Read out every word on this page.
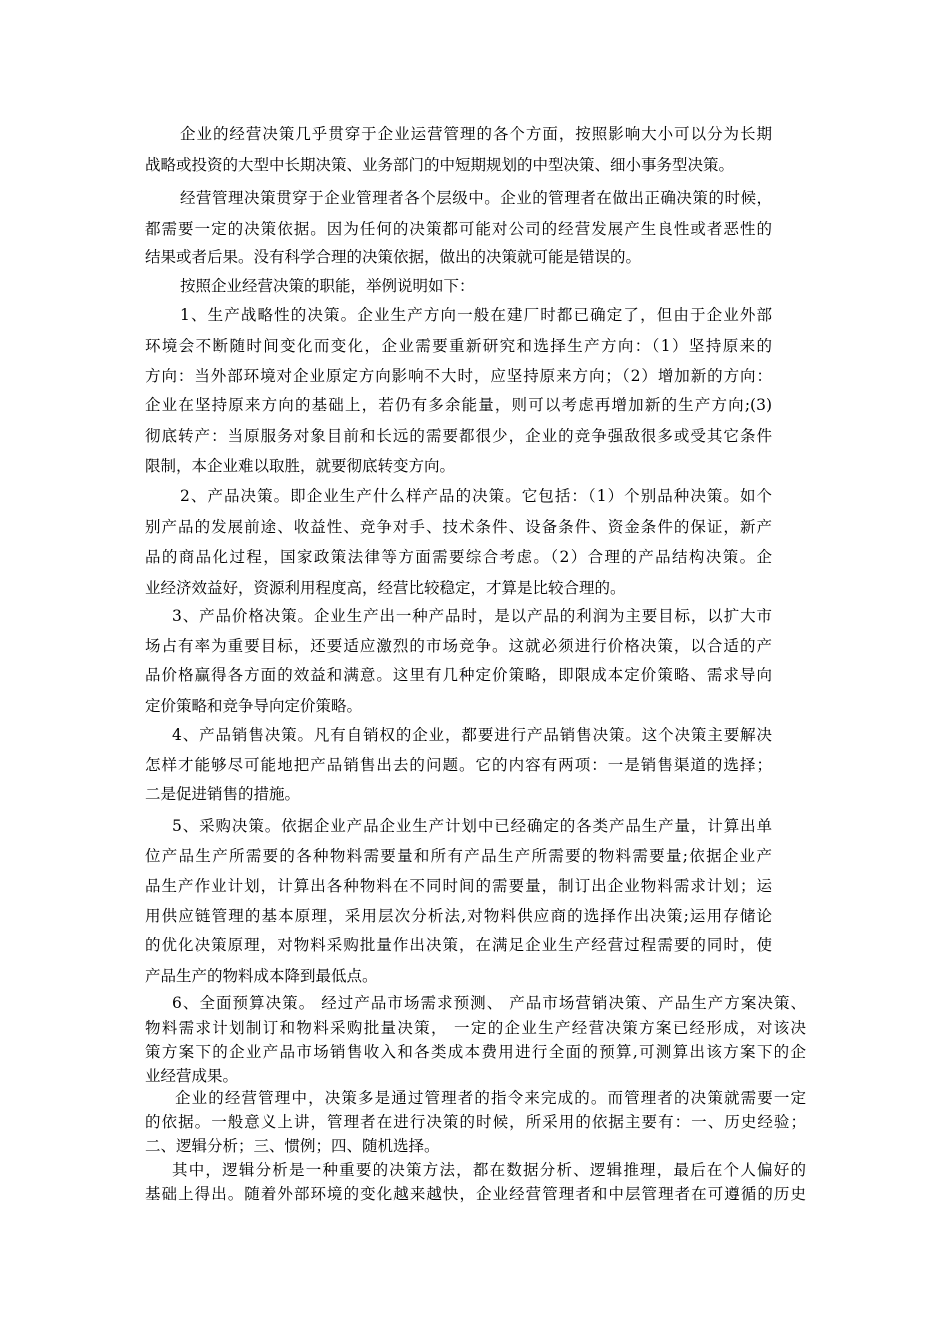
企业的经营决策几乎贯穿于企业运营管理的各个方面，按照影响大小可以分为长期
战略或投资的大型中长期决策、业务部门的中短期规划的中型决策、细小事务型决策。
经营管理决策贯穿于企业管理者各个层级中。企业的管理者在做出正确决策的时候，
都需要一定的决策依据。因为任何的决策都可能对公司的经营发展产生良性或者恶性的
结果或者后果。没有科学合理的决策依据，做出的决策就可能是错误的。
按照企业经营决策的职能，举例说明如下：
1、生产战略性的决策。企业生产方向一般在建厂时都已确定了，但由于企业外部
环境会不断随时间变化而变化，企业需要重新研究和选择生产方向：（1）坚持原来的
方向：当外部环境对企业原定方向影响不大时，应坚持原来方向；（2）增加新的方向：
企业在坚持原来方向的基础上，若仍有多余能量，则可以考虑再增加新的生产方向;(3)
彻底转产：当原服务对象目前和长远的需要都很少，企业的竞争强敌很多或受其它条件
限制，本企业难以取胜，就要彻底转变方向。
2、产品决策。即企业生产什么样产品的决策。它包括：（1）个别品种决策。如个
别产品的发展前途、收益性、竞争对手、技术条件、设备条件、资金条件的保证，新产
品的商品化过程，国家政策法律等方面需要综合考虑。（2）合理的产品结构决策。企
业经济效益好，资源利用程度高，经营比较稳定，才算是比较合理的。
3、产品价格决策。企业生产出一种产品时，是以产品的利润为主要目标，以扩大市
场占有率为重要目标，还要适应激烈的市场竞争。这就必须进行价格决策，以合适的产
品价格赢得各方面的效益和满意。这里有几种定价策略，即限成本定价策略、需求导向
定价策略和竞争导向定价策略。
4、产品销售决策。凡有自销权的企业，都要进行产品销售决策。这个决策主要解决
怎样才能够尽可能地把产品销售出去的问题。它的内容有两项：一是销售渠道的选择；
二是促进销售的措施。
5、采购决策。依据企业产品企业生产计划中已经确定的各类产品生产量，计算出单
位产品生产所需要的各种物料需要量和所有产品生产所需要的物料需要量;依据企业产
品生产作业计划，计算出各种物料在不同时间的需要量，制订出企业物料需求计划；运
用供应链管理的基本原理，采用层次分析法,对物料供应商的选择作出决策;运用存储论
的优化决策原理，对物料采购批量作出决策，在满足企业生产经营过程需要的同时，使
产品生产的物料成本降到最低点。
6、全面预算决策。 经过产品市场需求预测、 产品市场营销决策、产品生产方案决策、
物料需求计划制订和物料采购批量决策， 一定的企业生产经营决策方案已经形成，对该决
策方案下的企业产品市场销售收入和各类成本费用进行全面的预算,可测算出该方案下的企
业经营成果。
企业的经营管理中，决策多是通过管理者的指令来完成的。而管理者的决策就需要一定
的依据。一般意义上讲，管理者在进行决策的时候，所采用的依据主要有：一、历史经验；
二、逻辑分析；三、惯例；四、随机选择。
其中，逻辑分析是一种重要的决策方法，都在数据分析、逻辑推理，最后在个人偏好的
基础上得出。随着外部环境的变化越来越快，企业经营管理者和中层管理者在可遵循的历史
